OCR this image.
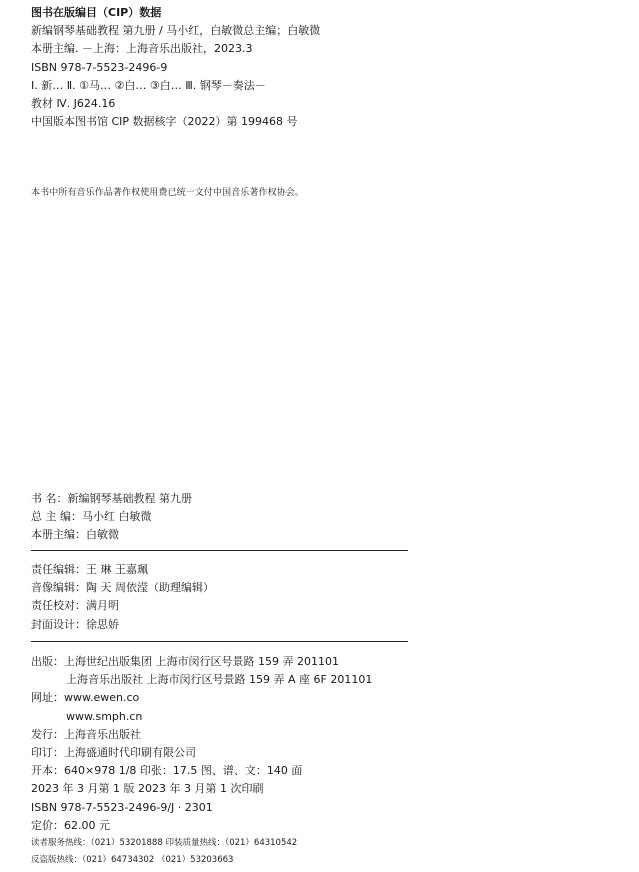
图书在版编目（CIP）数据
新编钢琴基础教程 第九册 / 马小红，白敏微总主编；白敏微
本册主编. －上海：上海音乐出版社，2023.3
ISBN 978-7-5523-2496-9
Ⅰ. 新… Ⅱ. ①马… ②白… ③白… Ⅲ. 钢琴－奏法－
教材 Ⅳ. J624.16
中国版本图书馆 CIP 数据核字（2022）第 199468 号
本书中所有音乐作品著作权使用费已统一文付中国音乐著作权协会。
书 名： 新编钢琴基础教程 第九册
总 主 编： 马小红 白敏微
本册主编： 白敏微
责任编辑： 王 琳 王嘉珮
音像编辑： 陶 天 周依滢（助理编辑）
责任校对： 满月明
封面设计： 徐思娇
出版：上海世纪出版集团 上海市闵行区号景路 159 弄 201101
上海音乐出版社 上海市闵行区号景路 159 弄 A 座 6F 201101
网址：www.ewen.co
www.smph.cn
发行：上海音乐出版社
印订：上海盛通时代印刷有限公司
开本：640×978 1/8 印张：17.5 图、谱、文：140 面
2023 年 3 月第 1 版 2023 年 3 月第 1 次印刷
ISBN 978-7-5523-2496-9/J · 2301
定价：62.00 元
读者服务热线：（021）53201888 印装质量热线：（021）64310542
反盗版热线：（021）64734302 （021）53203663
